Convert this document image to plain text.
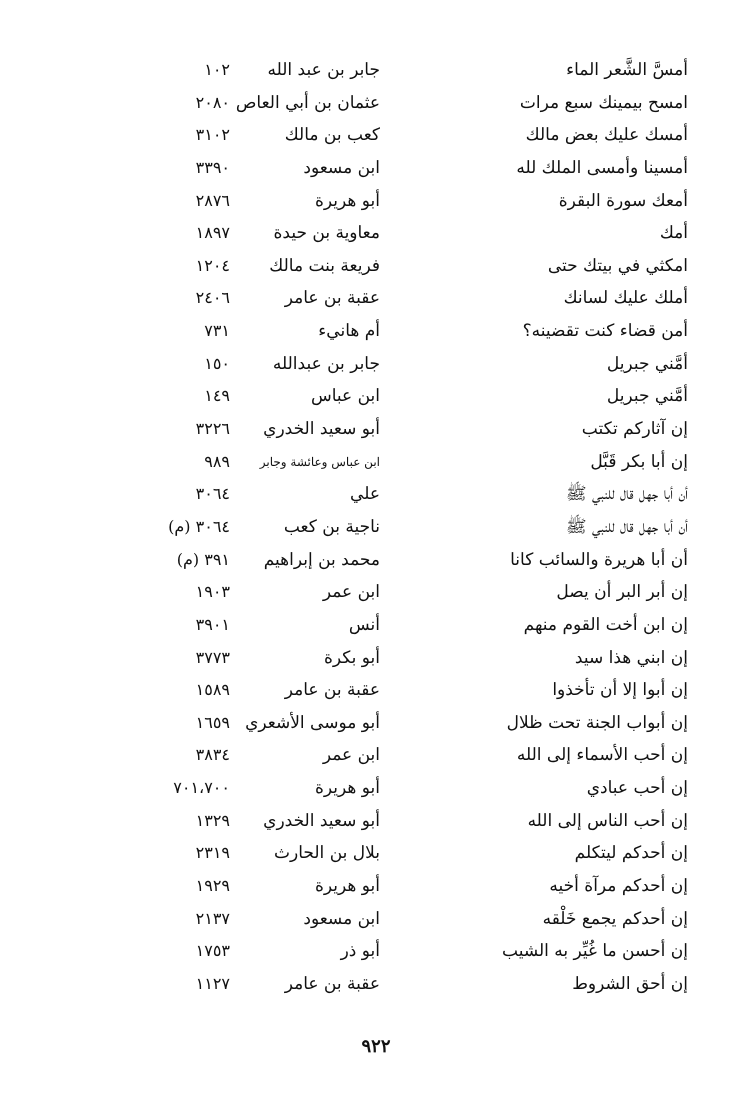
أمسَّ الشَّعر الماء
جابر بن عبد الله
١٠٢
امسح بيمينك سبع مرات
عثمان بن أبي العاص
٢٠٨٠
أمسك عليك بعض مالك
كعب بن مالك
٣١٠٢
أمسينا وأمسى الملك لله
ابن مسعود
٣٣٩٠
أمعك سورة البقرة
أبو هريرة
٢٨٧٦
أمك
معاوية بن حيدة
١٨٩٧
امكثي في بيتك حتى
فريعة بنت مالك
١٢٠٤
أملك عليك لسانك
عقبة بن عامر
٢٤٠٦
أمن قضاء كنت تقضينه؟
أم هانيء
٧٣١
أمَّني جبريل
جابر بن عبدالله
١٥٠
أمَّني جبريل
ابن عباس
١٤٩
إن آثاركم تكتب
أبو سعيد الخدري
٣٢٢٦
إن أبا بكر قَبَّل
ابن عباس وعائشة وجابر
٩٨٩
أن أبا جهل قال للنبي ﷺ
علي
٣٠٦٤
أن أبا جهل قال للنبي ﷺ
ناجية بن كعب
٣٠٦٤ (م)
أن أبا هريرة والسائب كانا
محمد بن إبراهيم
٣٩١ (م)
إن أبر البر أن يصل
ابن عمر
١٩٠٣
إن ابن أخت القوم منهم
أنس
٣٩٠١
إن ابني هذا سيد
أبو بكرة
٣٧٧٣
إن أبوا إلا أن تأخذوا
عقبة بن عامر
١٥٨٩
إن أبواب الجنة تحت ظلال
أبو موسى الأشعري
١٦٥٩
إن أحب الأسماء إلى الله
ابن عمر
٣٨٣٤
إن أحب عبادي
أبو هريرة
٧٠١،٧٠٠
إن أحب الناس إلى الله
أبو سعيد الخدري
١٣٢٩
إن أحدكم ليتكلم
بلال بن الحارث
٢٣١٩
إن أحدكم مرآة أخيه
أبو هريرة
١٩٢٩
إن أحدكم يجمع خَلْقه
ابن مسعود
٢١٣٧
إن أحسن ما غُيِّر به الشيب
أبو ذر
١٧٥٣
إن أحق الشروط
عقبة بن عامر
١١٢٧
٩٢٢
